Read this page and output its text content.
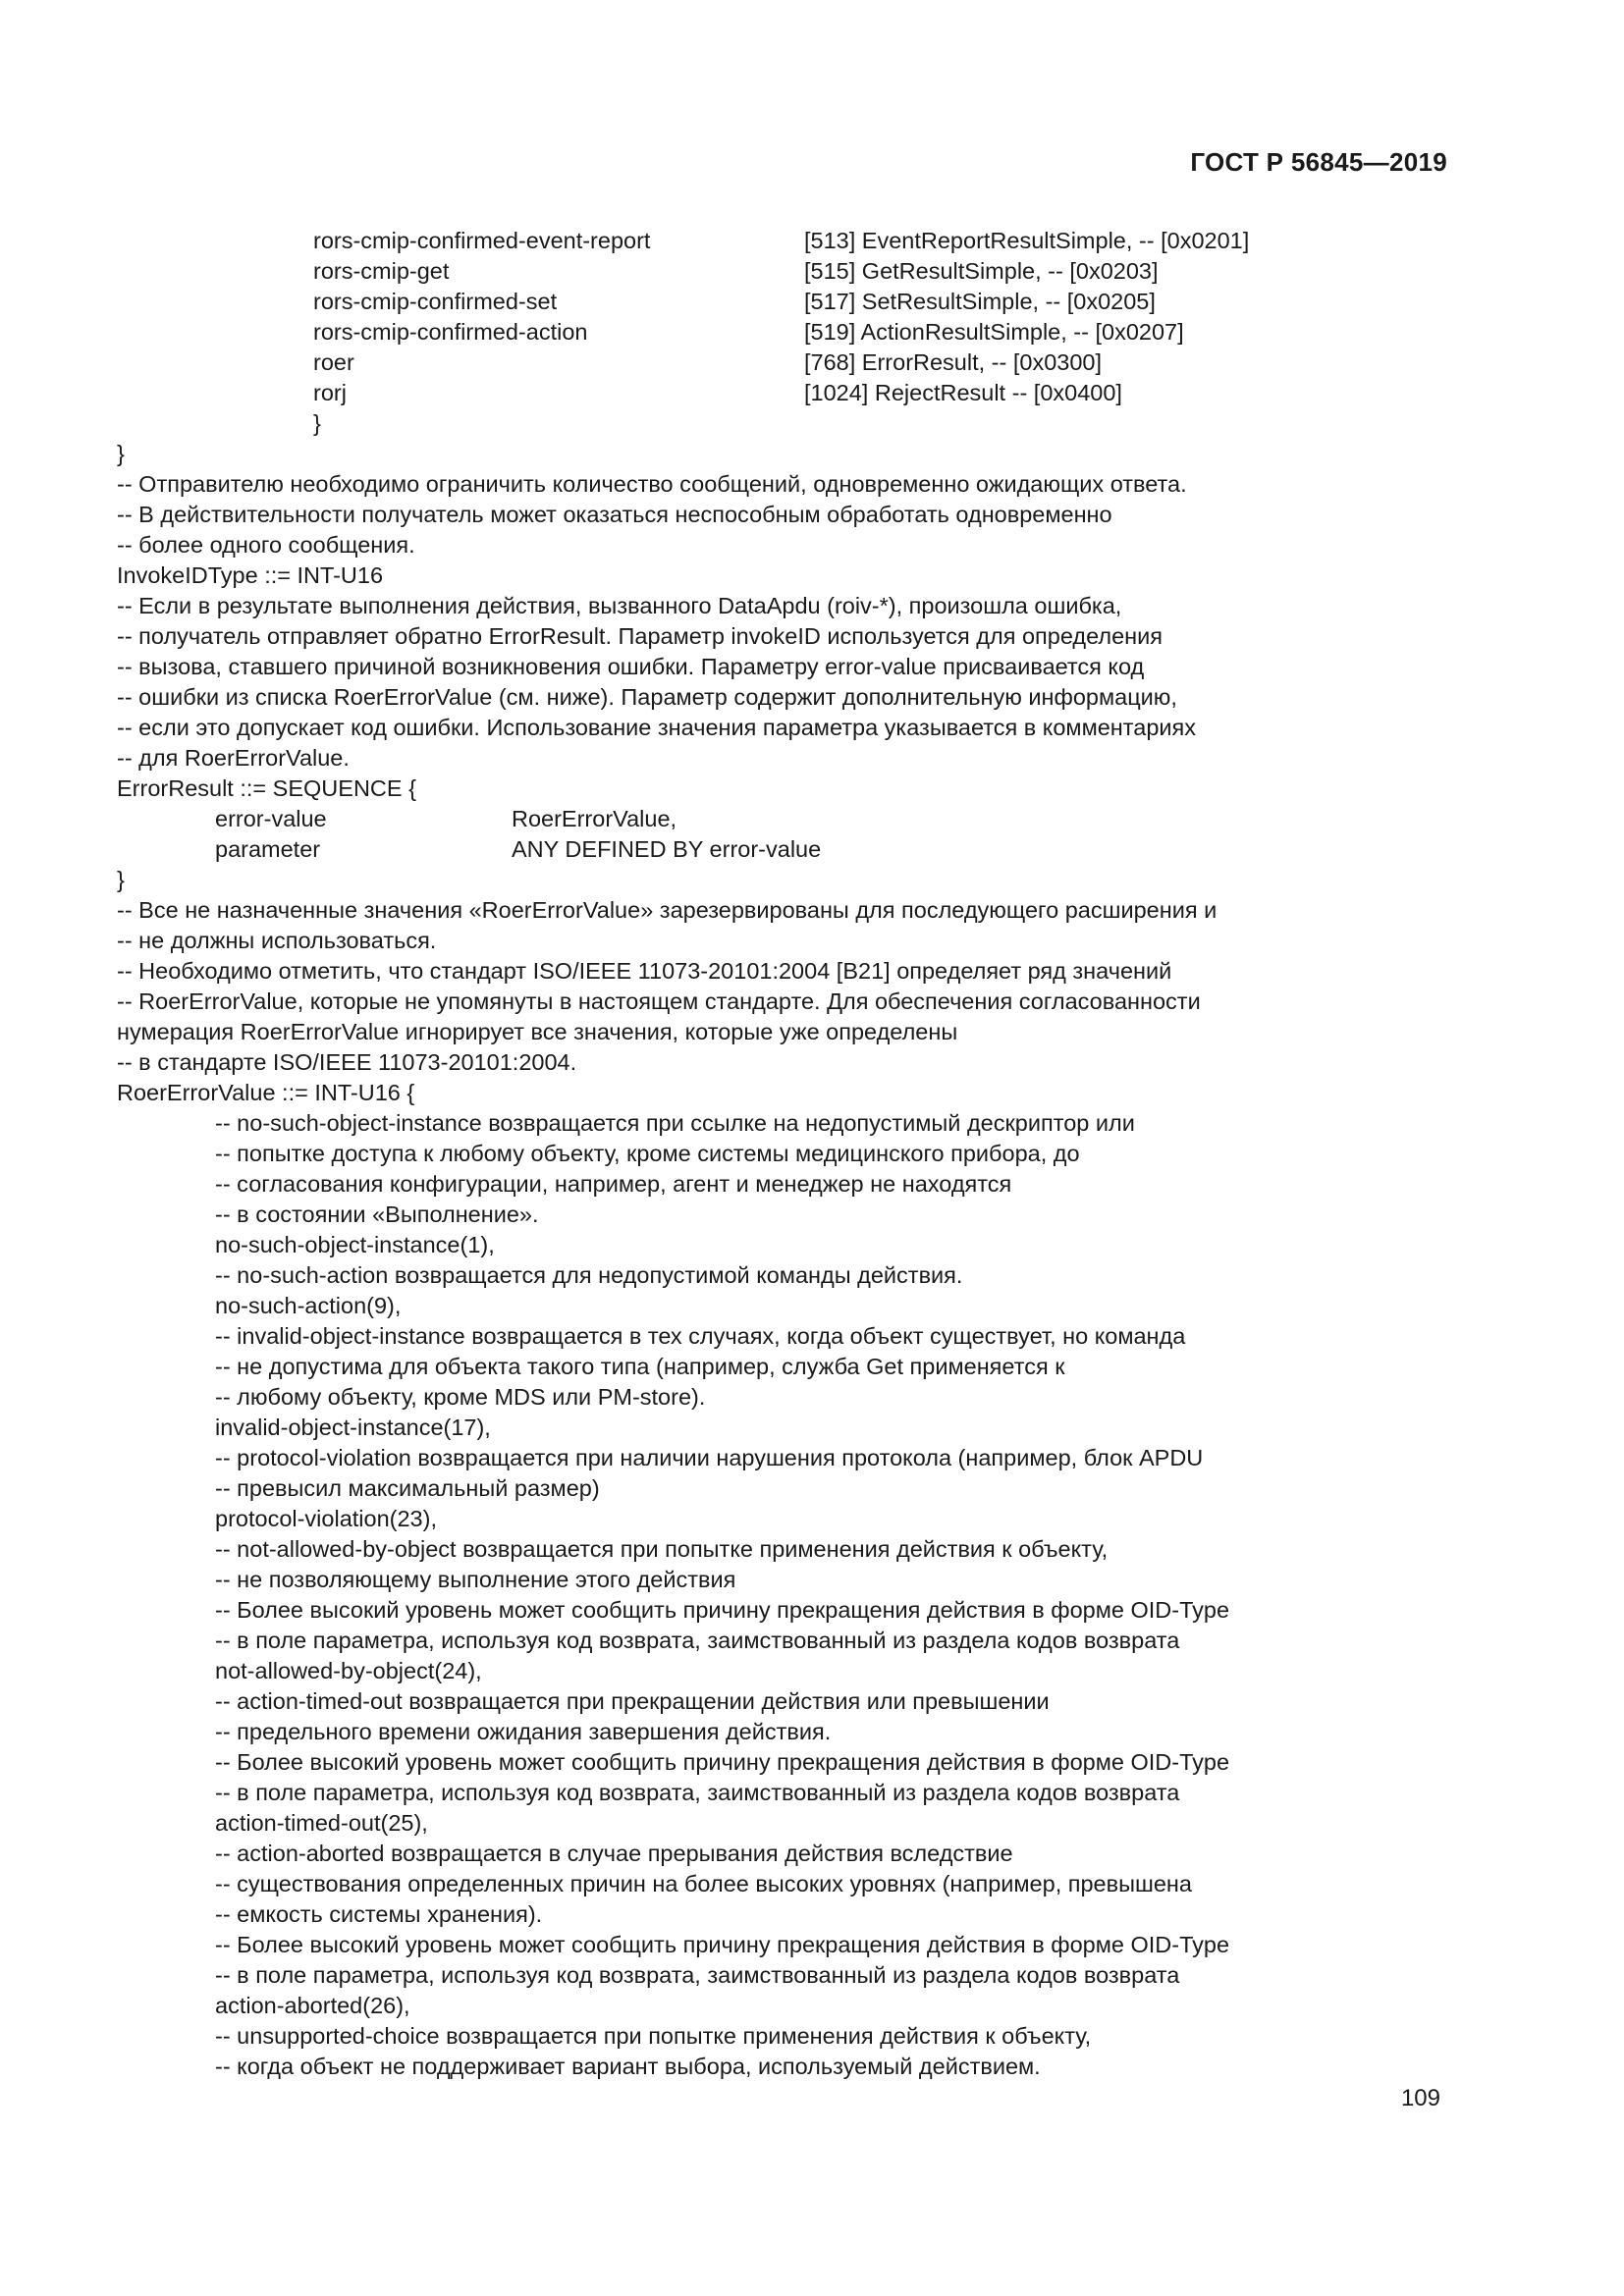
ГОСТ Р 56845—2019
rors-cmip-confirmed-event-report	[513] EventReportResultSimple, -- [0x0201]
rors-cmip-get	[515] GetResultSimple, -- [0x0203]
rors-cmip-confirmed-set	[517] SetResultSimple, -- [0x0205]
rors-cmip-confirmed-action	[519] ActionResultSimple, -- [0x0207]
roer	[768] ErrorResult, -- [0x0300]
rorj	[1024] RejectResult -- [0x0400]
}
}
-- Отправителю необходимо ограничить количество сообщений, одновременно ожидающих ответа.
-- В действительности получатель может оказаться неспособным обработать одновременно
-- более одного сообщения.
InvokeIDType ::= INT-U16
-- Если в результате выполнения действия, вызванного DataApdu (roiv-*), произошла ошибка,
-- получатель отправляет обратно ErrorResult. Параметр invokeID используется для определения
-- вызова, ставшего причиной возникновения ошибки. Параметру error-value присваивается код
-- ошибки из списка RoerErrorValue (см. ниже). Параметр содержит дополнительную информацию,
-- если это допускает код ошибки. Использование значения параметра указывается в комментариях
-- для RoerErrorValue.
ErrorResult ::= SEQUENCE {
error-value	RoerErrorValue,
parameter	ANY DEFINED BY error-value
}
-- Все не назначенные значения «RoerErrorValue» зарезервированы для последующего расширения и
-- не должны использоваться.
-- Необходимо отметить, что стандарт ISO/IEEE 11073-20101:2004 [B21] определяет ряд значений
-- RoerErrorValue, которые не упомянуты в настоящем стандарте. Для обеспечения согласованности
нумерация RoerErrorValue игнорирует все значения, которые уже определены
-- в стандарте ISO/IEEE 11073-20101:2004.
RoerErrorValue ::= INT-U16 {
-- no-such-object-instance возвращается при ссылке на недопустимый дескриптор или
-- попытке доступа к любому объекту, кроме системы медицинского прибора, до
-- согласования конфигурации, например, агент и менеджер не находятся
-- в состоянии «Выполнение».
no-such-object-instance(1),
-- no-such-action возвращается для недопустимой команды действия.
no-such-action(9),
-- invalid-object-instance возвращается в тех случаях, когда объект существует, но команда
-- не допустима для объекта такого типа (например, служба Get применяется к
-- любому объекту, кроме MDS или PM-store).
invalid-object-instance(17),
-- protocol-violation возвращается при наличии нарушения протокола (например, блок APDU
-- превысил максимальный размер)
protocol-violation(23),
-- not-allowed-by-object возвращается при попытке применения действия к объекту,
-- не позволяющему выполнение этого действия
-- Более высокий уровень может сообщить причину прекращения действия в форме OID-Type
-- в поле параметра, используя код возврата, заимствованный из раздела кодов возврата
not-allowed-by-object(24),
-- action-timed-out возвращается при прекращении действия или превышении
-- предельного времени ожидания завершения действия.
-- Более высокий уровень может сообщить причину прекращения действия в форме OID-Type
-- в поле параметра, используя код возврата, заимствованный из раздела кодов возврата
action-timed-out(25),
-- action-aborted возвращается в случае прерывания действия вследствие
-- существования определенных причин на более высоких уровнях (например, превышена
-- емкость системы хранения).
-- Более высокий уровень может сообщить причину прекращения действия в форме OID-Type
-- в поле параметра, используя код возврата, заимствованный из раздела кодов возврата
action-aborted(26),
-- unsupported-choice возвращается при попытке применения действия к объекту,
-- когда объект не поддерживает вариант выбора, используемый действием.
109
